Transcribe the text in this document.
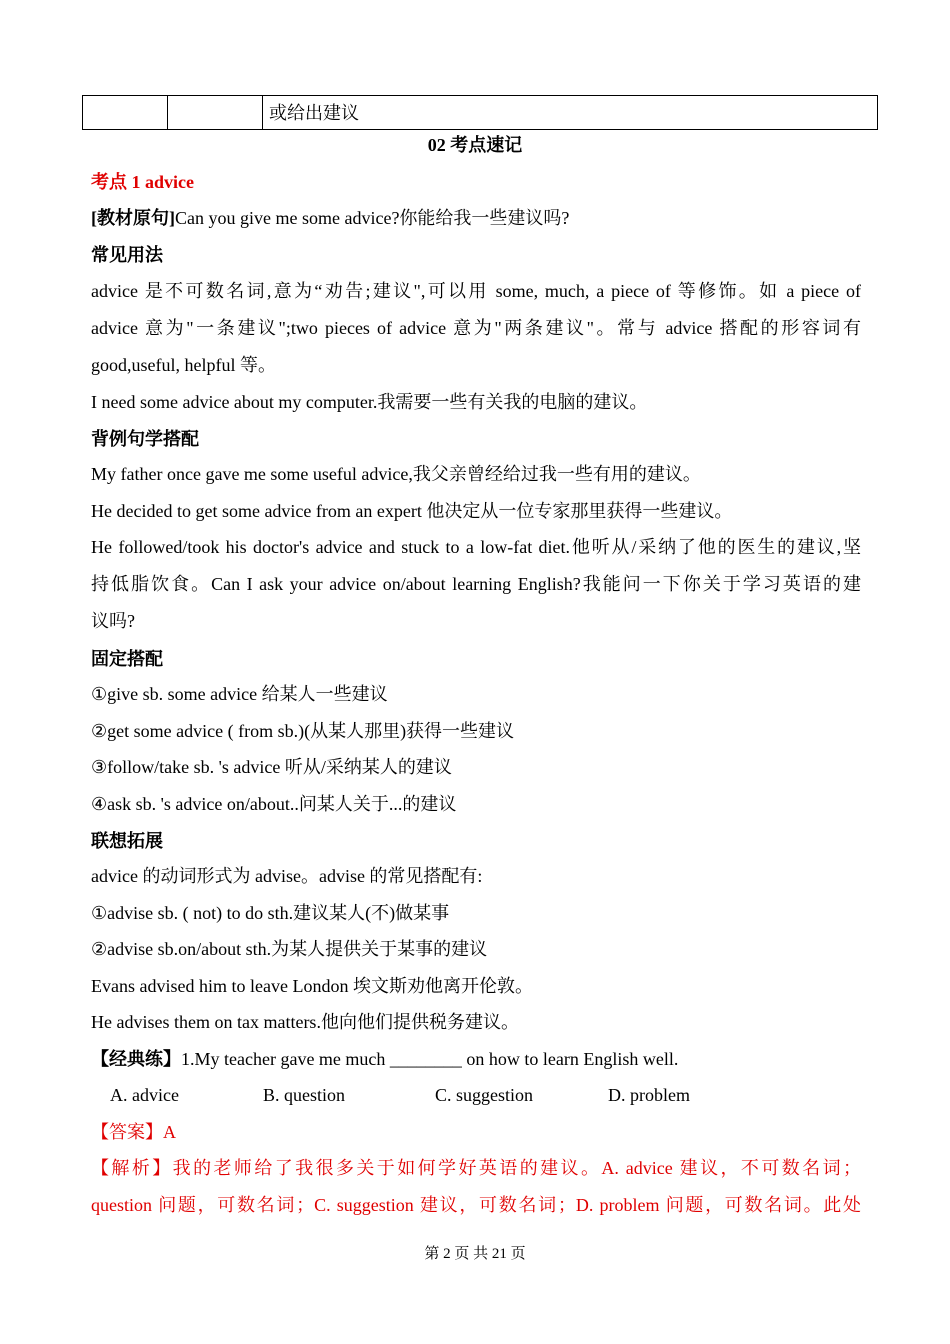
		或给出建议
02 考点速记
考点 1 advice
[教材原句]Can you give me some advice?你能给我一些建议吗?
常见用法
advice 是不可数名词,意为“劝告;建议",可以用 some, much, a piece of 等修饰。如 a piece of
advice 意为"一条建议";two pieces of advice 意为"两条建议"。常与 advice 搭配的形容词有
good,useful, helpful 等。
I need some advice about my computer.我需要一些有关我的电脑的建议。
背例句学搭配
My father once gave me some useful advice,我父亲曾经给过我一些有用的建议。
He decided to get some advice from an expert 他决定从一位专家那里获得一些建议。
He followed/took his doctor's advice and stuck to a low-fat diet.他听从/采纳了他的医生的建议,坚
持低脂饮食。Can I ask your advice on/about learning English?我能问一下你关于学习英语的建
议吗?
固定搭配
①give sb. some advice 给某人一些建议
②get some advice ( from sb.)(从某人那里)获得一些建议
③follow/take sb. 's advice 听从/采纳某人的建议
④ask sb. 's advice on/about..问某人关于...的建议
联想拓展
advice 的动词形式为 advise。advise 的常见搭配有:
①advise sb. ( not) to do sth.建议某人(不)做某事
②advise sb.on/about sth.为某人提供关于某事的建议
Evans advised him to leave London 埃文斯劝他离开伦敦。
He advises them on tax matters.他向他们提供税务建议。
【经典练】1.My teacher gave me much ________ on how to learn English well.
A. advice	B. question	C. suggestion	D. problem
【答案】A
【解析】我的老师给了我很多关于如何学好英语的建议。A. advice 建议，不可数名词；
question 问题，可数名词；C. suggestion 建议，可数名词；D. problem 问题，可数名词。此处
第 2 页 共 21 页
